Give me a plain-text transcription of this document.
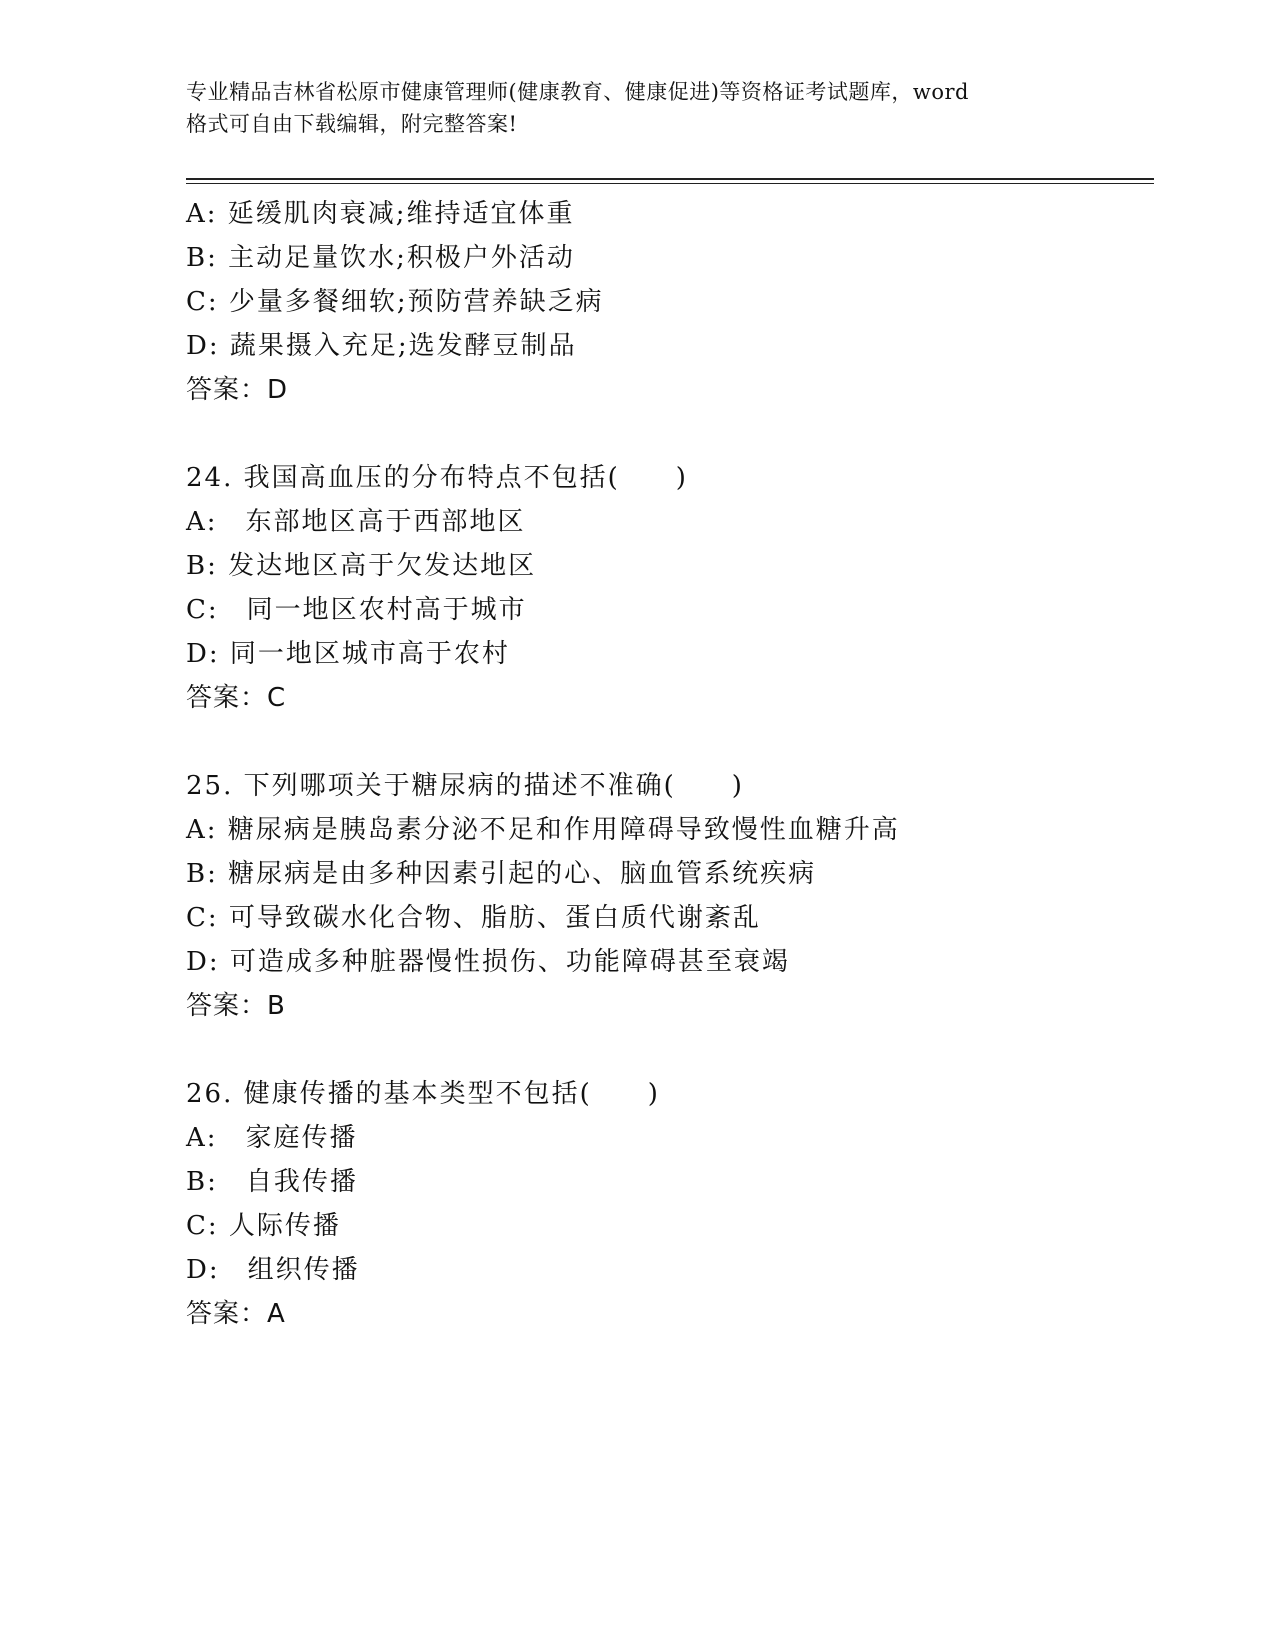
专业精品吉林省松原市健康管理师(健康教育、健康促进)等资格证考试题库，word
格式可自由下载编辑，附完整答案!
A: 延缓肌肉衰减;维持适宜体重
B: 主动足量饮水;积极户外活动
C: 少量多餐细软;预防营养缺乏病
D: 蔬果摄入充足;选发酵豆制品
答案：D
24. 我国高血压的分布特点不包括(　　)
A:　东部地区高于西部地区
B: 发达地区高于欠发达地区
C:　同一地区农村高于城市
D: 同一地区城市高于农村
答案：C
25. 下列哪项关于糖尿病的描述不准确(　　)
A: 糖尿病是胰岛素分泌不足和作用障碍导致慢性血糖升高
B: 糖尿病是由多种因素引起的心、脑血管系统疾病
C: 可导致碳水化合物、脂肪、蛋白质代谢紊乱
D: 可造成多种脏器慢性损伤、功能障碍甚至衰竭
答案：B
26. 健康传播的基本类型不包括(　　)
A:　家庭传播
B:　自我传播
C: 人际传播
D:　组织传播
答案：A
